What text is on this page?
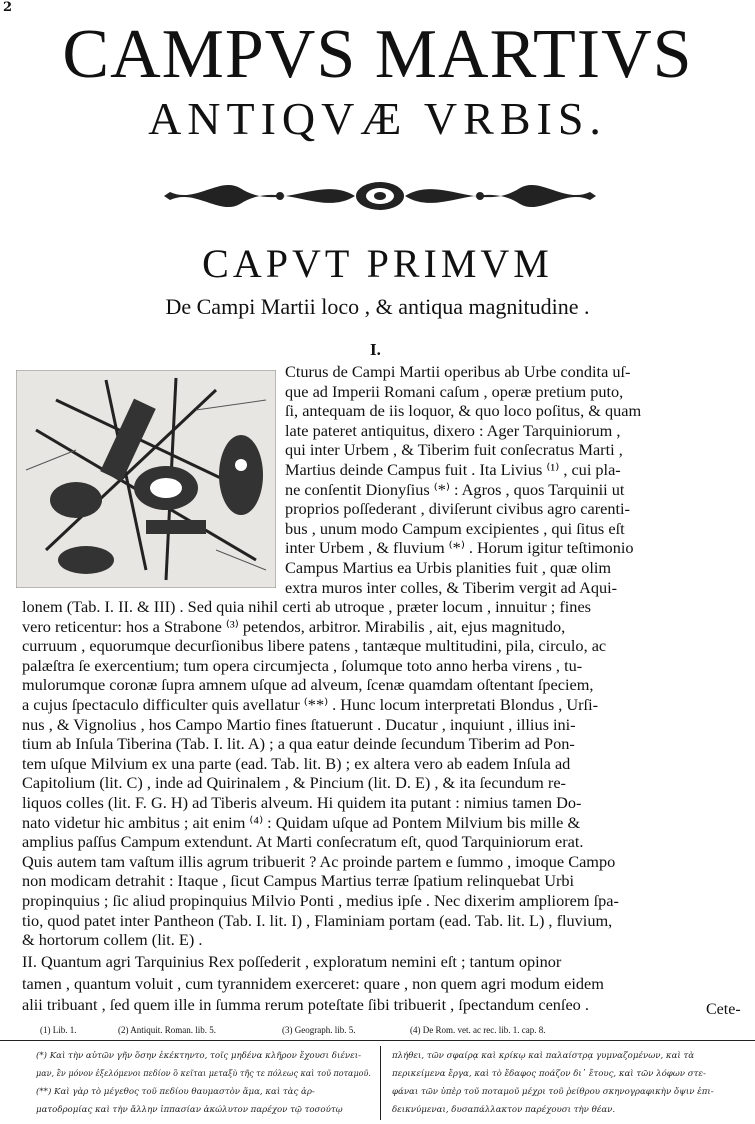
2
CAMPVS MARTIVS
ANTIQVÆ VRBIS.
CAPVT PRIMVM
De Campi Martii loco , & antiqua magnitudine .
I.
Cturus de Campi Martii operibus ab Urbe condita uſ-
que ad Imperii Romani caſum , operæ pretium puto,
ſi, antequam de iis loquor, & quo loco poſitus, & quam
late pateret antiquitus, dixero : Ager Tarquiniorum ,
qui inter Urbem , & Tiberim fuit conſecratus Marti ,
Martius deinde Campus fuit . Ita Livius ⁽¹⁾ , cui pla-
ne conſentit Dionyſius ⁽*⁾ : Agros , quos Tarquinii ut
proprios poſſederant , diviſerunt civibus agro carenti-
bus , unum modo Campum excipientes , qui ſitus eſt
inter Urbem , & fluvium ⁽*⁾ . Horum igitur teſtimonio
Campus Martius ea Urbis planities fuit , quæ olim
extra muros inter colles, & Tiberim vergit ad Aqui-
lonem (Tab. I. II. & III) . Sed quia nihil certi ab utroque , præter locum , innuitur ; fines
vero reticentur: hos a Strabone ⁽³⁾ petendos, arbitror. Mirabilis , ait, ejus magnitudo,
curruum , equorumque decurſionibus libere patens , tantæque multitudini, pila, circulo, ac
palæſtra ſe exercentium; tum opera circumjecta , ſolumque toto anno herba virens , tu-
mulorumque coronæ ſupra amnem uſque ad alveum, ſcenæ quamdam oſtentant ſpeciem,
a cujus ſpectaculo difficulter quis avellatur ⁽**⁾ . Hunc locum interpretati Blondus , Urſi-
nus , & Vignolius , hos Campo Martio fines ſtatuerunt . Ducatur , inquiunt , illius ini-
tium ab Inſula Tiberina (Tab. I. lit. A) ; a qua eatur deinde ſecundum Tiberim ad Pon-
tem uſque Milvium ex una parte (ead. Tab. lit. B) ; ex altera vero ab eadem Inſula ad
Capitolium (lit. C) , inde ad Quirinalem , & Pincium (lit. D. E) , & ita ſecundum re-
liquos colles (lit. F. G. H) ad Tiberis alveum. Hi quidem ita putant : nimius tamen Do-
nato videtur hic ambitus ; ait enim ⁽⁴⁾ : Quidam uſque ad Pontem Milvium bis mille &
amplius paſſus Campum extendunt. At Marti conſecratum eſt, quod Tarquiniorum erat.
Quis autem tam vaſtum illis agrum tribuerit ? Ac proinde partem e ſummo , imoque Campo
non modicam detrahit : Itaque , ſicut Campus Martius terræ ſpatium relinquebat Urbi
propinquius ; ſic aliud propinquius Milvio Ponti , medius ipſe . Nec dixerim ampliorem ſpa-
tio, quod patet inter Pantheon (Tab. I. lit. I) , Flaminiam portam (ead. Tab. lit. L) , fluvium,
& hortorum collem (lit. E) .
II. Quantum agri Tarquinius Rex poſſederit , exploratum nemini eſt ; tantum opinor
tamen , quantum voluit , cum tyrannidem exerceret: quare , non quem agri modum eidem
alii tribuant , ſed quem ille in ſumma rerum poteſtate ſibi tribuerit , ſpectandum cenſeo .	Cete-
(1) Lib. 1.	(2) Antiquit. Roman. lib. 5.	(3) Geograph. lib. 5.	(4) De Rom. vet. ac rec. lib. 1. cap. 8.
(*) Καὶ τὴν αὐτῶν γῆν ὅσην ἐκέκτηντο, τοῖς μηδένα κλῆρον ἔχουσι διένει-
μαν, ἓν μόνον ἐξελόμενοι πεδίον ὃ κεῖται μεταξὺ τῆς τε πόλεως καὶ τοῦ ποταμοῦ.
(**) Καὶ γὰρ τὸ μέγεθος τοῦ πεδίου θαυμαστὸν ἅμα, καὶ τὰς ἁρ-
ματοδρομίας καὶ τὴν ἄλλην ἱππασίαν ἀκώλυτον παρέχον τῷ τοσούτῳ
πλήθει, τῶν σφαίρᾳ καὶ κρίκῳ καὶ παλαίστρᾳ γυμναζομένων, καὶ τὰ
περικείμενα ἔργα, καὶ τὸ ἔδαφος ποάζον δι᾽ ἔτους, καὶ τῶν λόφων στε-
φάναι τῶν ὑπὲρ τοῦ ποταμοῦ μέχρι τοῦ ῥείθρου σκηνογραφικὴν ὄψιν ἐπι-
δεικνύμεναι, δυσαπάλλακτον παρέχουσι τὴν θέαν.
